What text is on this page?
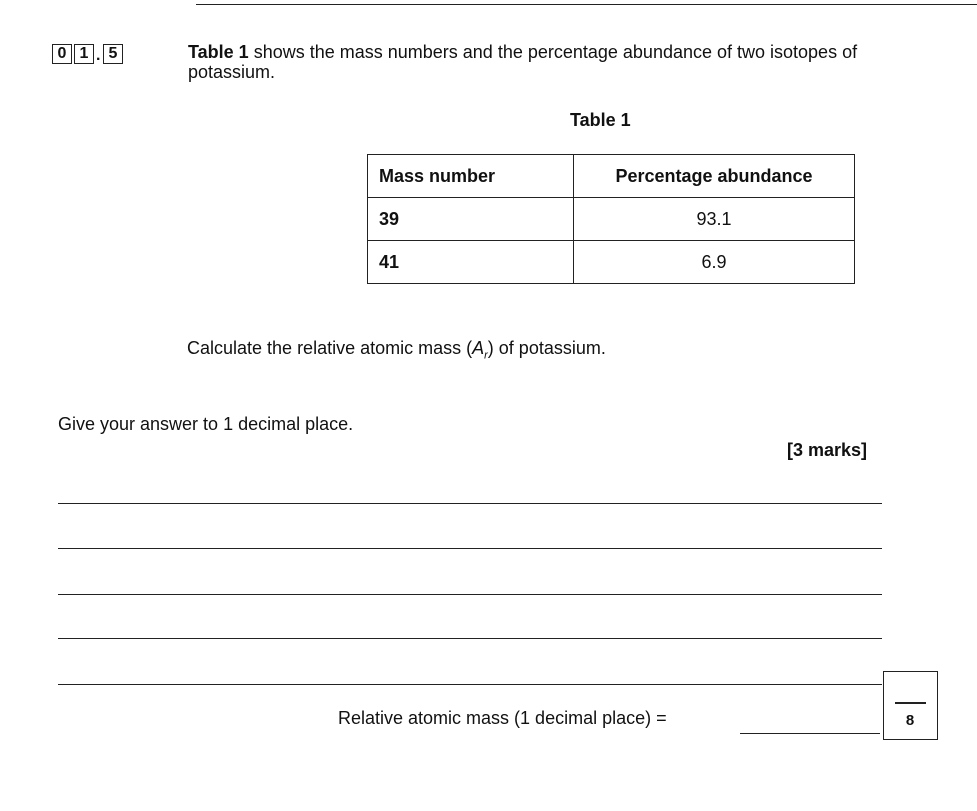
0 1 . 5	Table 1 shows the mass numbers and the percentage abundance of two isotopes of potassium.
Table 1
Mass number	Percentage abundance
39	93.1
41	6.9
Calculate the relative atomic mass $(A_r)$ of potassium.
Give your answer to 1 decimal place.
[3 marks]
Relative atomic mass (1 decimal place) =	8
